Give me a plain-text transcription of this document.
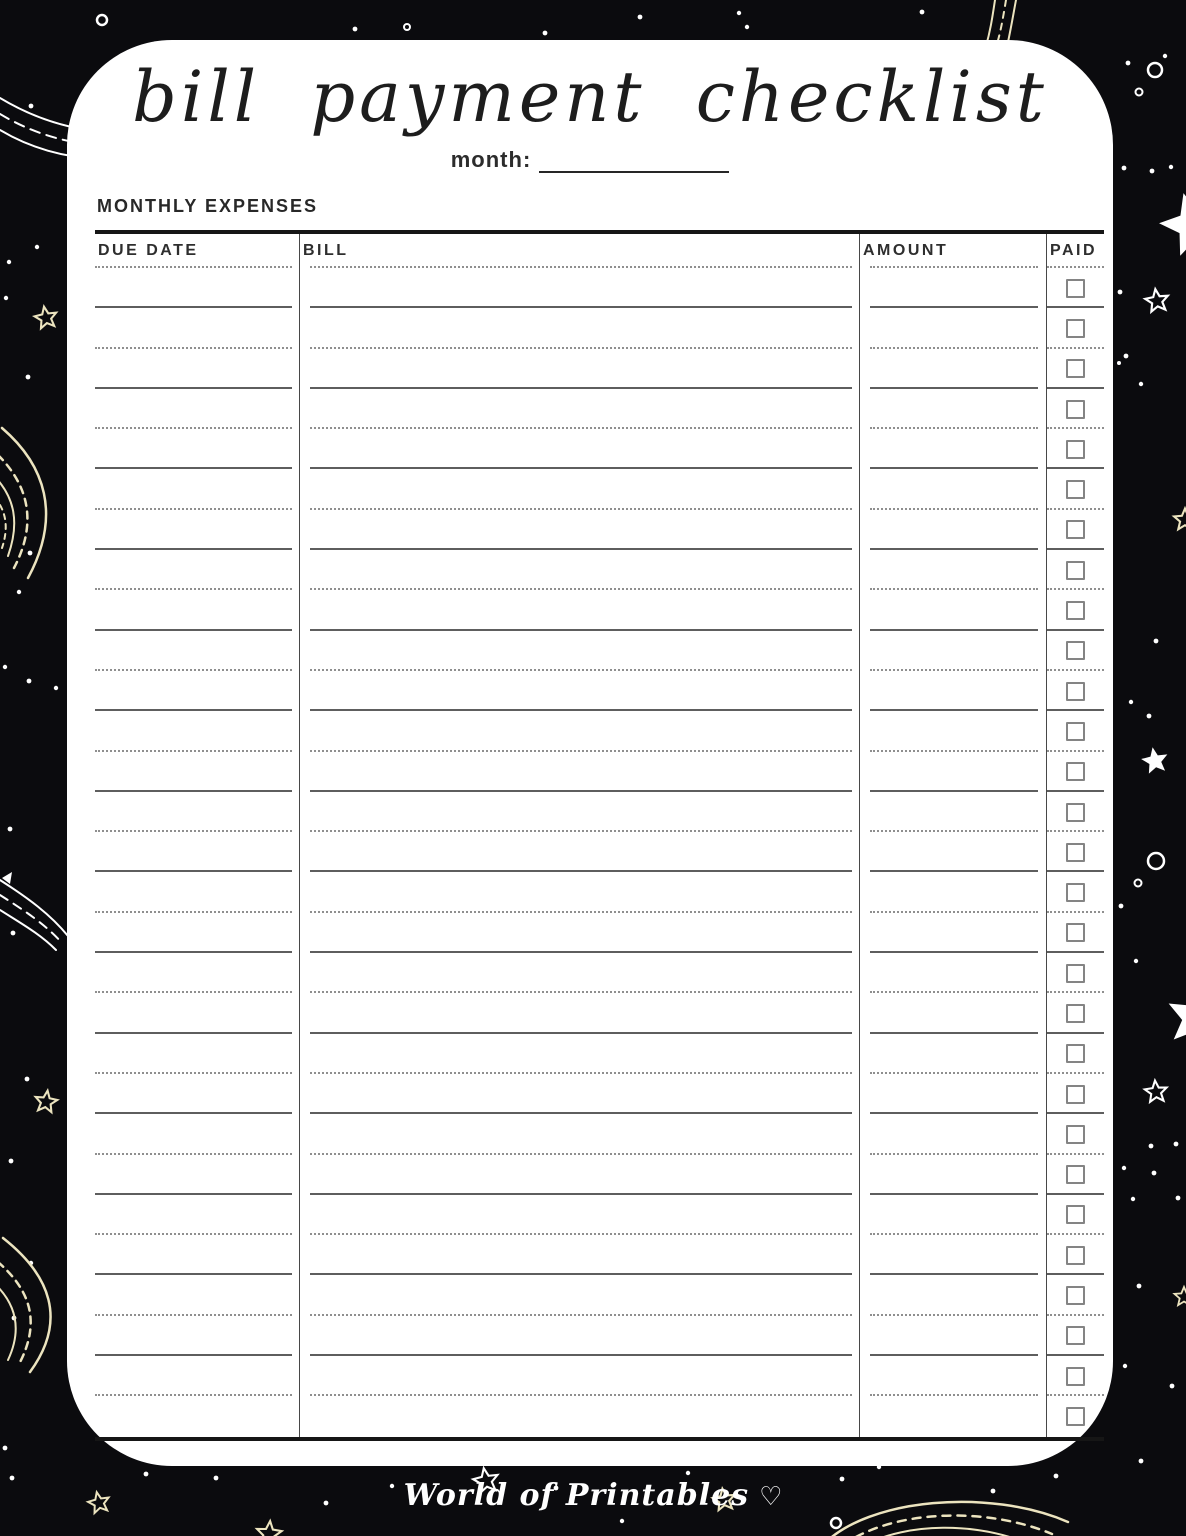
bill payment checklist
month:
MONTHLY EXPENSES
DUE DATE	BILL	AMOUNT	PAID
World of Printables ♡
